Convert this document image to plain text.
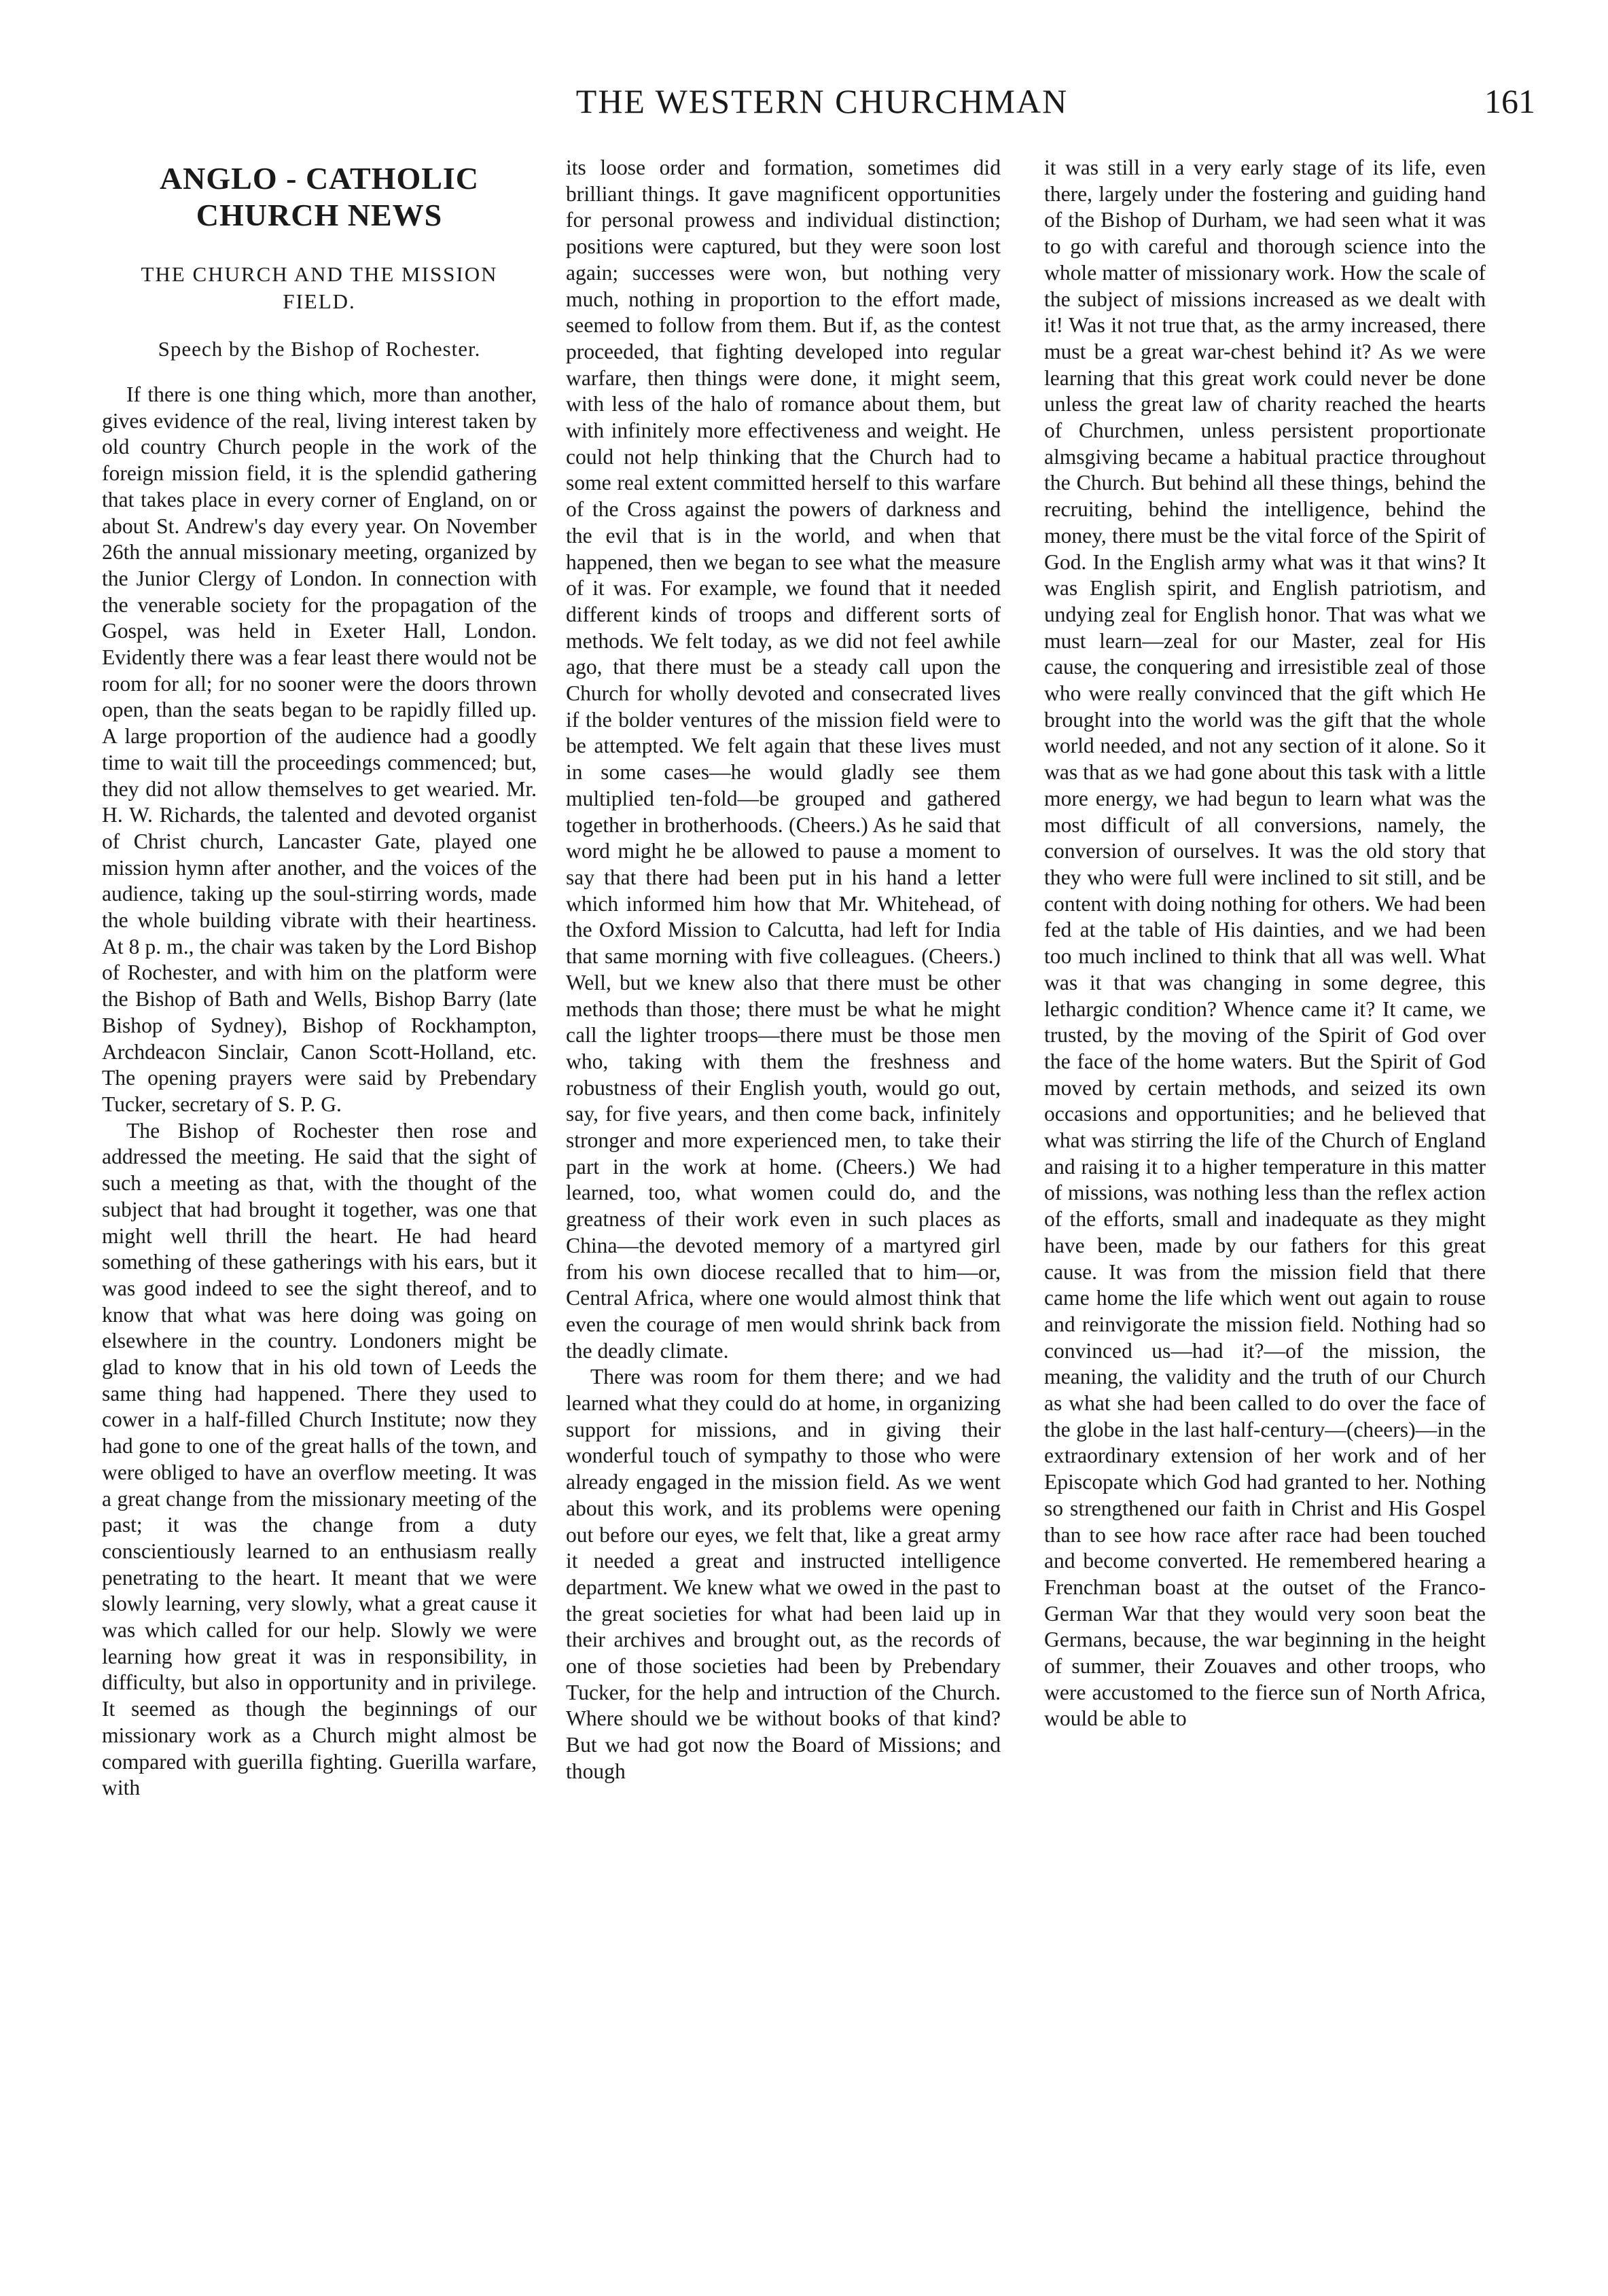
THE WESTERN CHURCHMAN	161
ANGLO - CATHOLIC CHURCH NEWS
THE CHURCH AND THE MISSION FIELD.
Speech by the Bishop of Rochester.

If there is one thing which, more than another, gives evidence of the real, living interest taken by old country Church people in the work of the foreign mission field, it is the splendid gathering that takes place in every corner of England, on or about St. Andrew's day every year. On November 26th the annual missionary meeting, organized by the Junior Clergy of London. In connection with the venerable society for the propagation of the Gospel, was held in Exeter Hall, London. Evidently there was a fear least there would not be room for all; for no sooner were the doors thrown open, than the seats began to be rapidly filled up. A large proportion of the audience had a goodly time to wait till the proceedings commenced; but, they did not allow themselves to get wearied. Mr. H. W. Richards, the talented and devoted organist of Christ church, Lancaster Gate, played one mission hymn after another, and the voices of the audience, taking up the soul-stirring words, made the whole building vibrate with their heartiness. At 8 p. m., the chair was taken by the Lord Bishop of Rochester, and with him on the platform were the Bishop of Bath and Wells, Bishop Barry (late Bishop of Sydney), Bishop of Rockhampton, Archdeacon Sinclair, Canon Scott-Holland, etc. The opening prayers were said by Prebendary Tucker, secretary of S. P. G.

The Bishop of Rochester then rose and addressed the meeting. He said that the sight of such a meeting as that, with the thought of the subject that had brought it together, was one that might well thrill the heart. He had heard something of these gatherings with his ears, but it was good indeed to see the sight thereof, and to know that what was here doing was going on elsewhere in the country. Londoners might be glad to know that in his old town of Leeds the same thing had happened. There they used to cower in a half-filled Church Institute; now they had gone to one of the great halls of the town, and were obliged to have an overflow meeting. It was a great change from the missionary meeting of the past; it was the change from a duty conscientiously learned to an enthusiasm really penetrating to the heart. It meant that we were slowly learning, very slowly, what a great cause it was which called for our help. Slowly we were learning how great it was in responsibility, in difficulty, but also in opportunity and in privilege. It seemed as though the beginnings of our missionary work as a Church might almost be compared with guerilla fighting. Guerilla warfare, with

its loose order and formation, sometimes did brilliant things. It gave magnificent opportunities for personal prowess and individual distinction; positions were captured, but they were soon lost again; successes were won, but nothing very much, nothing in proportion to the effort made, seemed to follow from them. But if, as the contest proceeded, that fighting developed into regular warfare, then things were done, it might seem, with less of the halo of romance about them, but with infinitely more effectiveness and weight. He could not help thinking that the Church had to some real extent committed herself to this warfare of the Cross against the powers of darkness and the evil that is in the world, and when that happened, then we began to see what the measure of it was. For example, we found that it needed different kinds of troops and different sorts of methods. We felt today, as we did not feel awhile ago, that there must be a steady call upon the Church for wholly devoted and consecrated lives if the bolder ventures of the mission field were to be attempted. We felt again that these lives must in some cases—he would gladly see them multiplied ten-fold—be grouped and gathered together in brotherhoods. (Cheers.) As he said that word might he be allowed to pause a moment to say that there had been put in his hand a letter which informed him how that Mr. Whitehead, of the Oxford Mission to Calcutta, had left for India that same morning with five colleagues. (Cheers.) Well, but we knew also that there must be other methods than those; there must be what he might call the lighter troops—there must be those men who, taking with them the freshness and robustness of their English youth, would go out, say, for five years, and then come back, infinitely stronger and more experienced men, to take their part in the work at home. (Cheers.) We had learned, too, what women could do, and the greatness of their work even in such places as China—the devoted memory of a martyred girl from his own diocese recalled that to him—or, Central Africa, where one would almost think that even the courage of men would shrink back from the deadly climate.

There was room for them there; and we had learned what they could do at home, in organizing support for missions, and in giving their wonderful touch of sympathy to those who were already engaged in the mission field. As we went about this work, and its problems were opening out before our eyes, we felt that, like a great army it needed a great and instructed intelligence department. We knew what we owed in the past to the great societies for what had been laid up in their archives and brought out, as the records of one of those societies had been by Prebendary Tucker, for the help and intruction of the Church. Where should we be without books of that kind? But we had got now the Board of Missions; and though

it was still in a very early stage of its life, even there, largely under the fostering and guiding hand of the Bishop of Durham, we had seen what it was to go with careful and thorough science into the whole matter of missionary work. How the scale of the subject of missions increased as we dealt with it! Was it not true that, as the army increased, there must be a great war-chest behind it? As we were learning that this great work could never be done unless the great law of charity reached the hearts of Churchmen, unless persistent proportionate almsgiving became a habitual practice throughout the Church. But behind all these things, behind the recruiting, behind the intelligence, behind the money, there must be the vital force of the Spirit of God. In the English army what was it that wins? It was English spirit, and English patriotism, and undying zeal for English honor. That was what we must learn—zeal for our Master, zeal for His cause, the conquering and irresistible zeal of those who were really convinced that the gift which He brought into the world was the gift that the whole world needed, and not any section of it alone. So it was that as we had gone about this task with a little more energy, we had begun to learn what was the most difficult of all conversions, namely, the conversion of ourselves. It was the old story that they who were full were inclined to sit still, and be content with doing nothing for others. We had been fed at the table of His dainties, and we had been too much inclined to think that all was well. What was it that was changing in some degree, this lethargic condition? Whence came it? It came, we trusted, by the moving of the Spirit of God over the face of the home waters. But the Spirit of God moved by certain methods, and seized its own occasions and opportunities; and he believed that what was stirring the life of the Church of England and raising it to a higher temperature in this matter of missions, was nothing less than the reflex action of the efforts, small and inadequate as they might have been, made by our fathers for this great cause. It was from the mission field that there came home the life which went out again to rouse and reinvigorate the mission field. Nothing had so convinced us—had it?—of the mission, the meaning, the validity and the truth of our Church as what she had been called to do over the face of the globe in the last half-century—(cheers)—in the extraordinary extension of her work and of her Episcopate which God had granted to her. Nothing so strengthened our faith in Christ and His Gospel than to see how race after race had been touched and become converted. He remembered hearing a Frenchman boast at the outset of the Franco-German War that they would very soon beat the Germans, because, the war beginning in the height of summer, their Zouaves and other troops, who were accustomed to the fierce sun of North Africa, would be able to
